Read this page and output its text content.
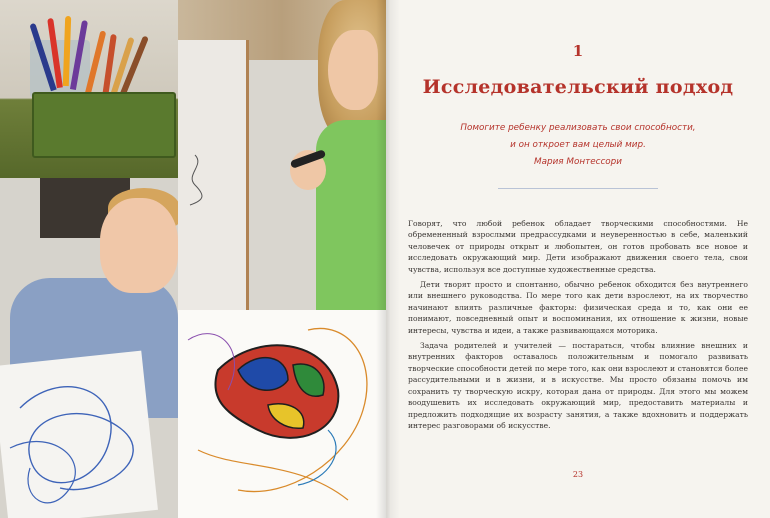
1
Исследовательский подход
Помогите ребенку реализовать свои способности,
и он откроет вам целый мир.
Мария Монтессори

Говорят, что любой ребенок обладает творческими способностями. Не обремененный взрослыми предрассудками и неуверенностью в себе, маленький человечек от природы открыт и любопытен, он готов пробовать все новое и исследовать окружающий мир. Дети изображают движения своего тела, свои чувства, используя все доступные художественные средства.

Дети творят просто и спонтанно, обычно ребенок обходится без внутреннего или внешнего руководства. По мере того как дети взрослеют, на их творчество начинают влиять различные факторы: физическая среда и то, как они ее понимают, повседневный опыт и воспоминания, их отношение к жизни, новые интересы, чувства и идеи, а также развивающаяся моторика.

Задача родителей и учителей — постараться, чтобы влияние внешних и внутренних факторов оставалось положительным и помогало развивать творческие способности детей по мере того, как они взрослеют и становятся более рассудительными и в жизни, и в искусстве. Мы просто обязаны помочь им сохранить ту творческую искру, которая дана от природы. Для этого мы можем воодушевить их исследовать окружающий мир, предоставить материалы и предложить подходящие их возрасту занятия, а также вдохновить и поддержать интерес разговорами об искусстве.

23
